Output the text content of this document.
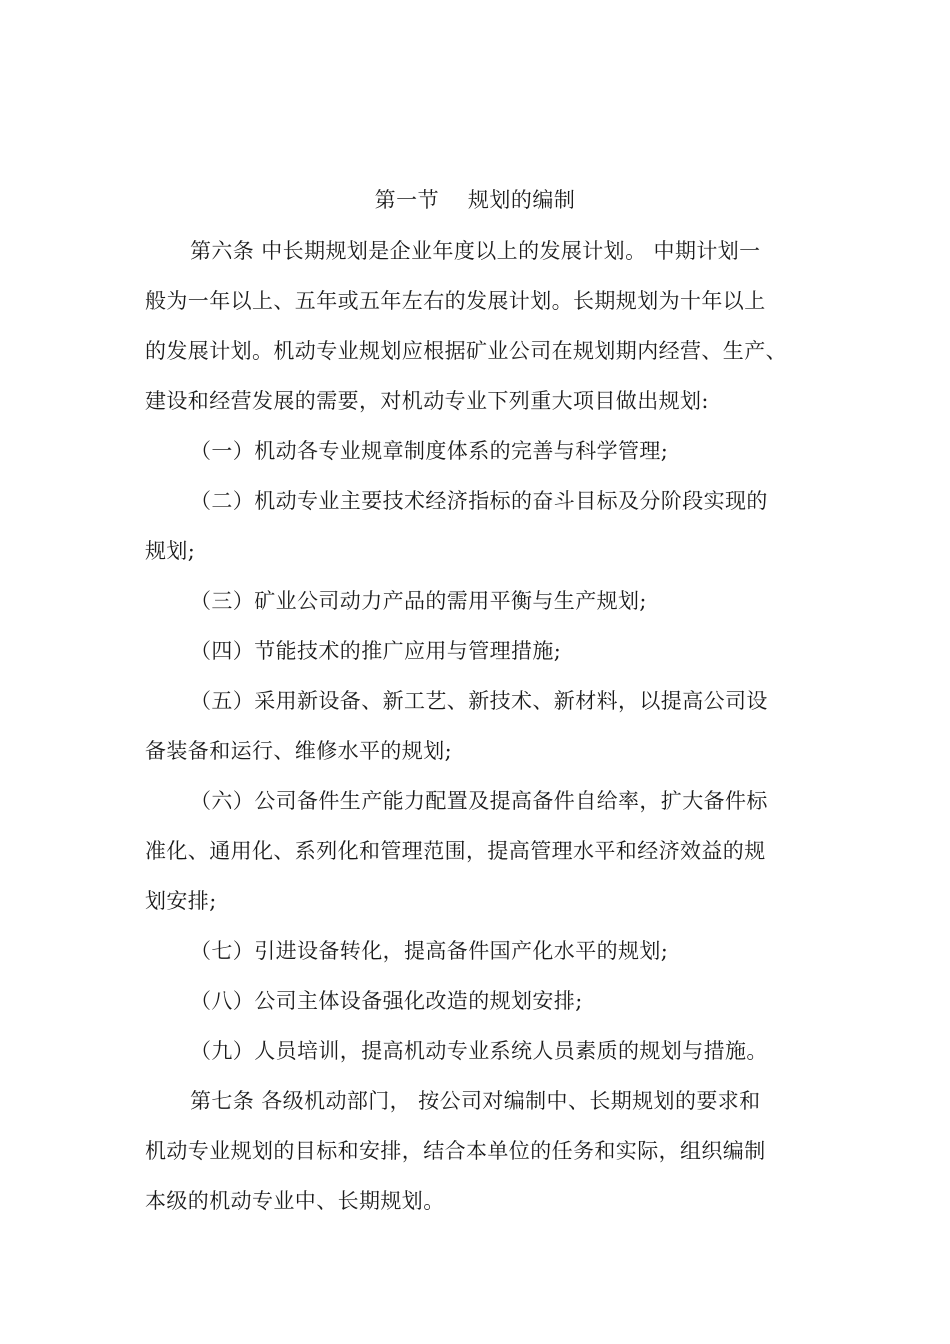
第一节　 规划的编制
第六条 中长期规划是企业年度以上的发展计划。 中期计划一
般为一年以上、五年或五年左右的发展计划。长期规划为十年以上
的发展计划。机动专业规划应根据矿业公司在规划期内经营、生产、
建设和经营发展的需要，对机动专业下列重大项目做出规划:
（一）机动各专业规章制度体系的完善与科学管理;
（二）机动专业主要技术经济指标的奋斗目标及分阶段实现的
规划;
（三）矿业公司动力产品的需用平衡与生产规划;
（四）节能技术的推广应用与管理措施;
（五）采用新设备、新工艺、新技术、新材料，以提高公司设
备装备和运行、维修水平的规划;
（六）公司备件生产能力配置及提高备件自给率，扩大备件标
准化、通用化、系列化和管理范围，提高管理水平和经济效益的规
划安排;
（七）引进设备转化，提高备件国产化水平的规划;
（八）公司主体设备强化改造的规划安排;
（九）人员培训，提高机动专业系统人员素质的规划与措施。
第七条 各级机动部门， 按公司对编制中、长期规划的要求和
机动专业规划的目标和安排，结合本单位的任务和实际，组织编制
本级的机动专业中、长期规划。
